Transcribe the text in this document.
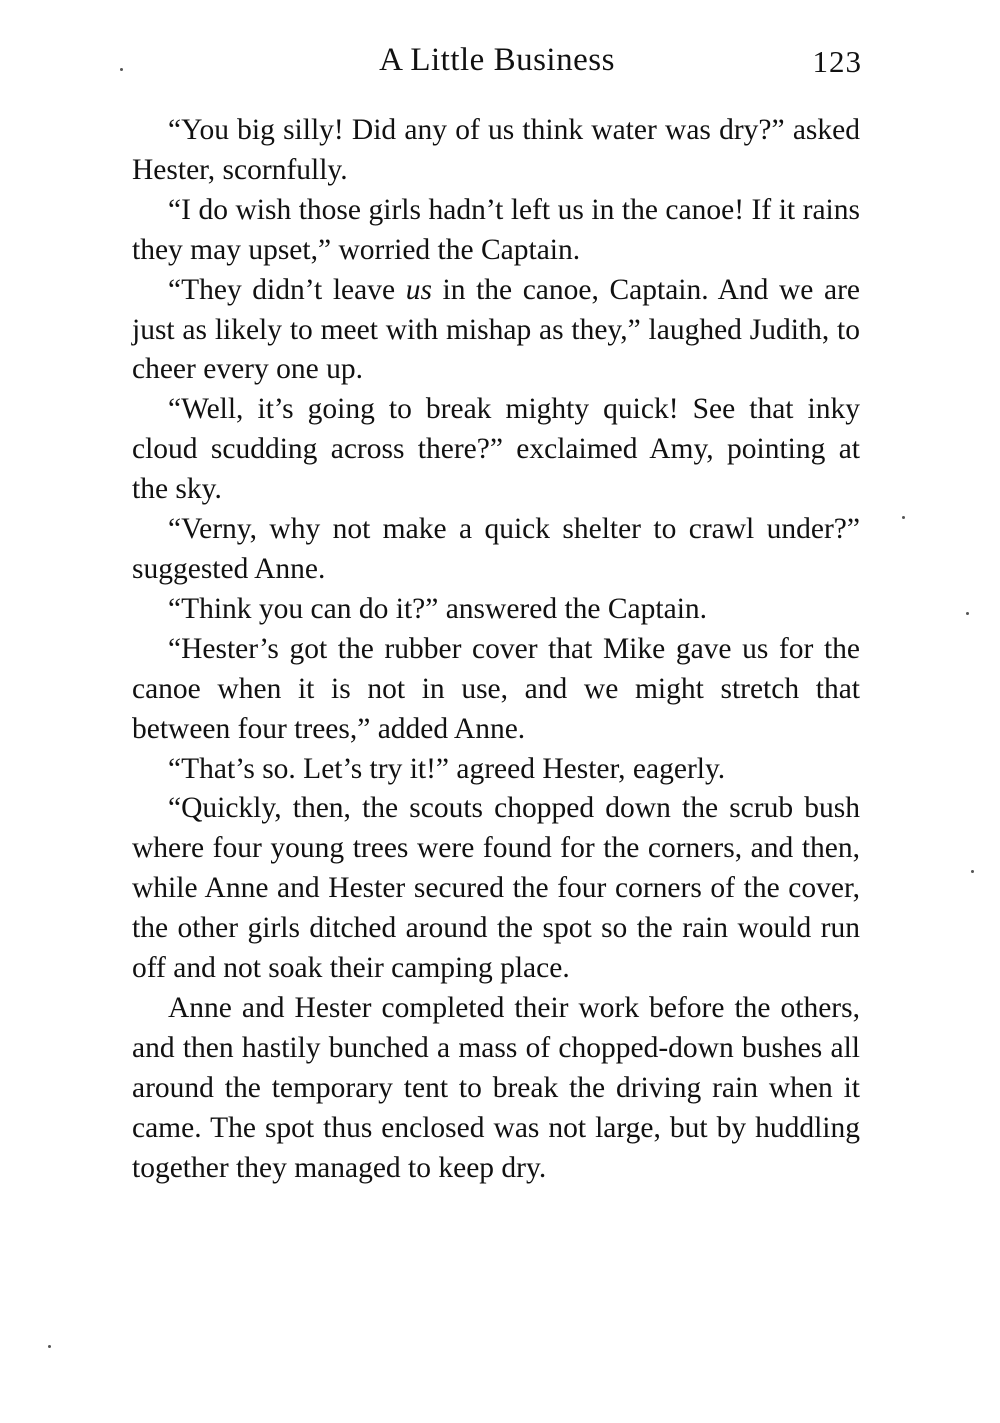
A Little Business	123

“You big silly! Did any of us think water was dry?” asked Hester, scornfully.

“I do wish those girls hadn’t left us in the canoe! If it rains they may upset,” worried the Captain.

“They didn’t leave us in the canoe, Captain. And we are just as likely to meet with mishap as they,” laughed Judith, to cheer every one up.

“Well, it’s going to break mighty quick! See that inky cloud scudding across there?” exclaimed Amy, pointing at the sky.

“Verny, why not make a quick shelter to crawl under?” suggested Anne.

“Think you can do it?” answered the Captain.

“Hester’s got the rubber cover that Mike gave us for the canoe when it is not in use, and we might stretch that between four trees,” added Anne.

“That’s so. Let’s try it!” agreed Hester, eagerly.

“Quickly, then, the scouts chopped down the scrub bush where four young trees were found for the corners, and then, while Anne and Hester secured the four corners of the cover, the other girls ditched around the spot so the rain would run off and not soak their camping place.

Anne and Hester completed their work before the others, and then hastily bunched a mass of chopped-down bushes all around the temporary tent to break the driving rain when it came. The spot thus enclosed was not large, but by huddling together they managed to keep dry.
